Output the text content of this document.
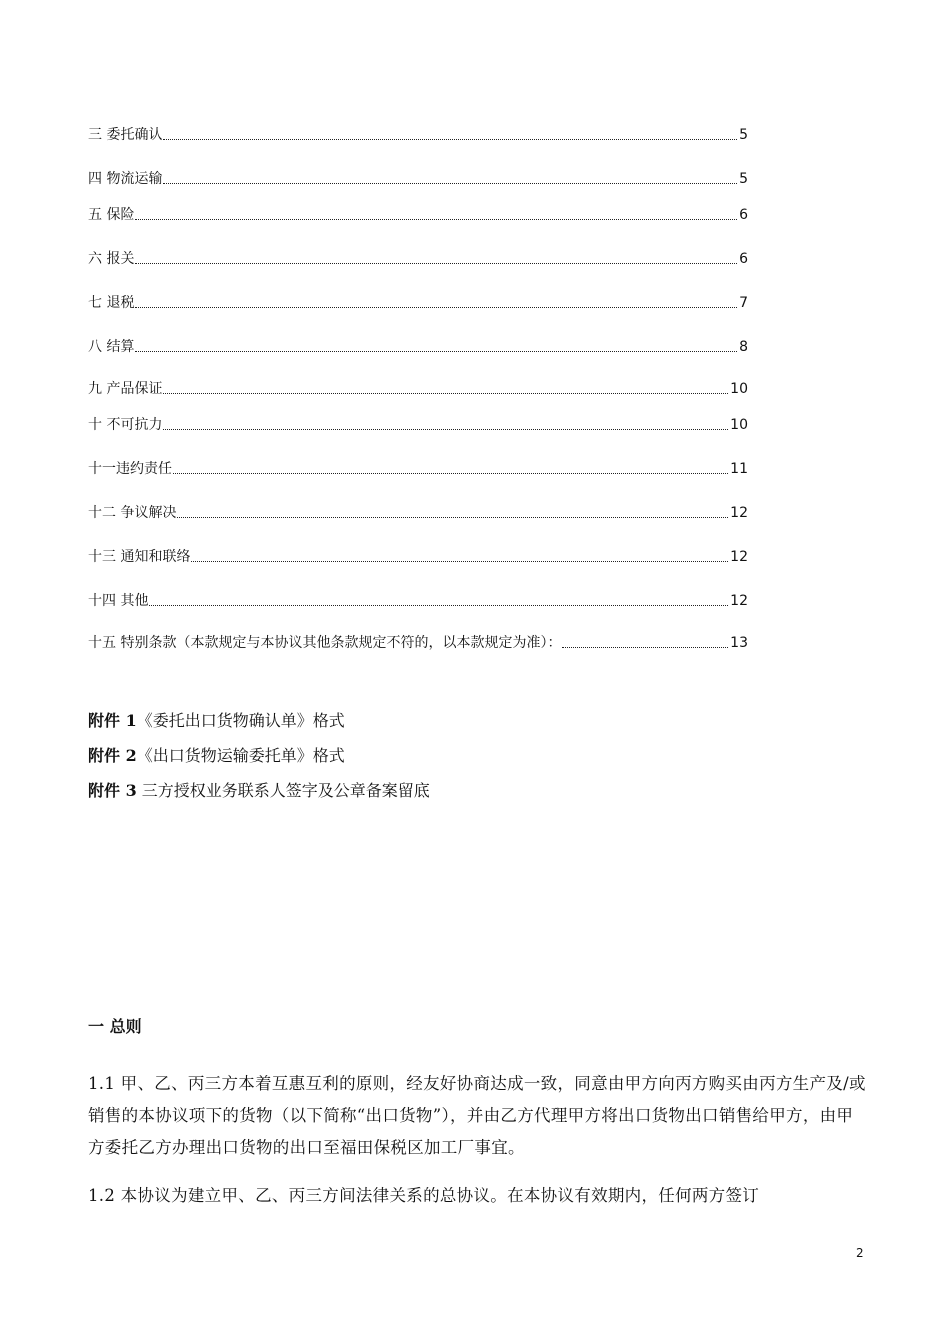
三 委托确认	5
四 物流运输	5
五 保险	6
六 报关	6
七 退税	7
八 结算	8
九 产品保证	10
十 不可抗力	10
十一违约责任	11
十二 争议解决	12
十三 通知和联络	12
十四 其他	12
十五 特别条款（本款规定与本协议其他条款规定不符的，以本款规定为准）：	13
附件 1《委托出口货物确认单》格式
附件 2《出口货物运输委托单》格式
附件 3 三方授权业务联系人签字及公章备案留底
一 总则
1.1 甲、乙、丙三方本着互惠互利的原则，经友好协商达成一致，同意由甲方向丙方购买由丙方生产及/或销售的本协议项下的货物（以下简称“出口货物”），并由乙方代理甲方将出口货物出口销售给甲方，由甲方委托乙方办理出口货物的出口至福田保税区加工厂事宜。
1.2 本协议为建立甲、乙、丙三方间法律关系的总协议。在本协议有效期内，任何两方签订
2
